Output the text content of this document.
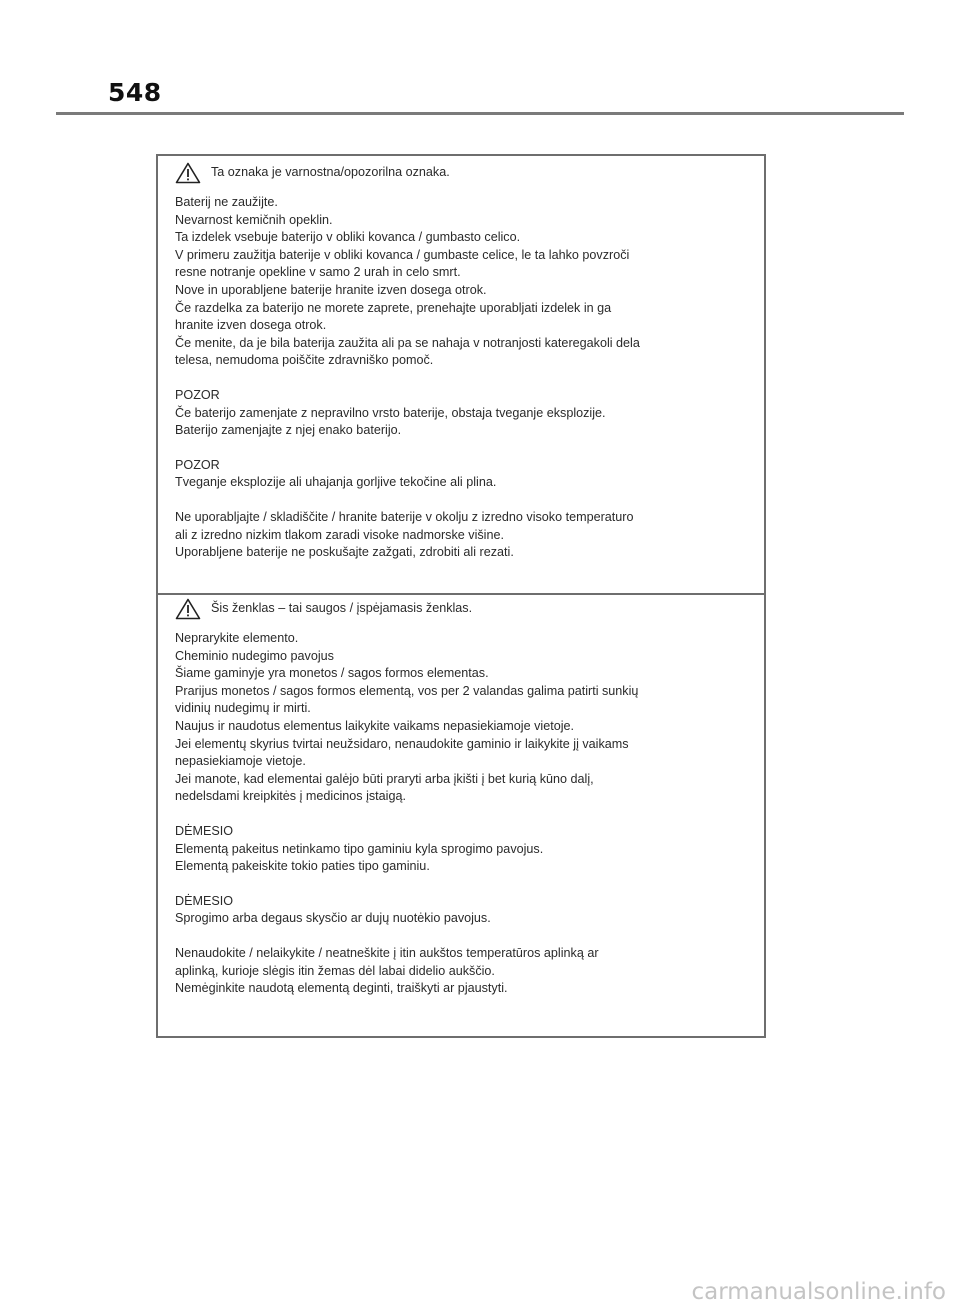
548
Ta oznaka je varnostna/opozorilna oznaka.
Baterij ne zaužijte.
Nevarnost kemičnih opeklin.
Ta izdelek vsebuje baterijo v obliki kovanca / gumbasto celico.
V primeru zaužitja baterije v obliki kovanca / gumbaste celice, le ta lahko povzroči
resne notranje opekline v samo 2 urah in celo smrt.
Nove in uporabljene baterije hranite izven dosega otrok.
Če razdelka za baterijo ne morete zaprete, prenehajte uporabljati izdelek in ga
hranite izven dosega otrok.
Če menite, da je bila baterija zaužita ali pa se nahaja v notranjosti kateregakoli dela
telesa, nemudoma poiščite zdravniško pomoč.
POZOR
Če baterijo zamenjate z nepravilno vrsto baterije, obstaja tveganje eksplozije.
Baterijo zamenjajte z njej enako baterijo.
POZOR
Tveganje eksplozije ali uhajanja gorljive tekočine ali plina.
Ne uporabljajte / skladiščite / hranite baterije v okolju z izredno visoko temperaturo
ali z izredno nizkim tlakom zaradi visoke nadmorske višine.
Uporabljene baterije ne poskušajte zažgati, zdrobiti ali rezati.
Šis ženklas – tai saugos / įspėjamasis ženklas.
Neprarykite elemento.
Cheminio nudegimo pavojus
Šiame gaminyje yra monetos / sagos formos elementas.
Prarijus monetos / sagos formos elementą, vos per 2 valandas galima patirti sunkių
vidinių nudegimų ir mirti.
Naujus ir naudotus elementus laikykite vaikams nepasiekiamoje vietoje.
Jei elementų skyrius tvirtai neužsidaro, nenaudokite gaminio ir laikykite jį vaikams
nepasiekiamoje vietoje.
Jei manote, kad elementai galėjo būti praryti arba įkišti į bet kurią kūno dalį,
nedelsdami kreipkitės į medicinos įstaigą.
DĖMESIO
Elementą pakeitus netinkamo tipo gaminiu kyla sprogimo pavojus.
Elementą pakeiskite tokio paties tipo gaminiu.
DĖMESIO
Sprogimo arba degaus skysčio ar dujų nuotėkio pavojus.
Nenaudokite / nelaikykite / neatneškite į itin aukštos temperatūros aplinką ar
aplinką, kurioje slėgis itin žemas dėl labai didelio aukščio.
Nemėginkite naudotą elementą deginti, traiškyti ar pjaustyti.
carmanualsonline.info
